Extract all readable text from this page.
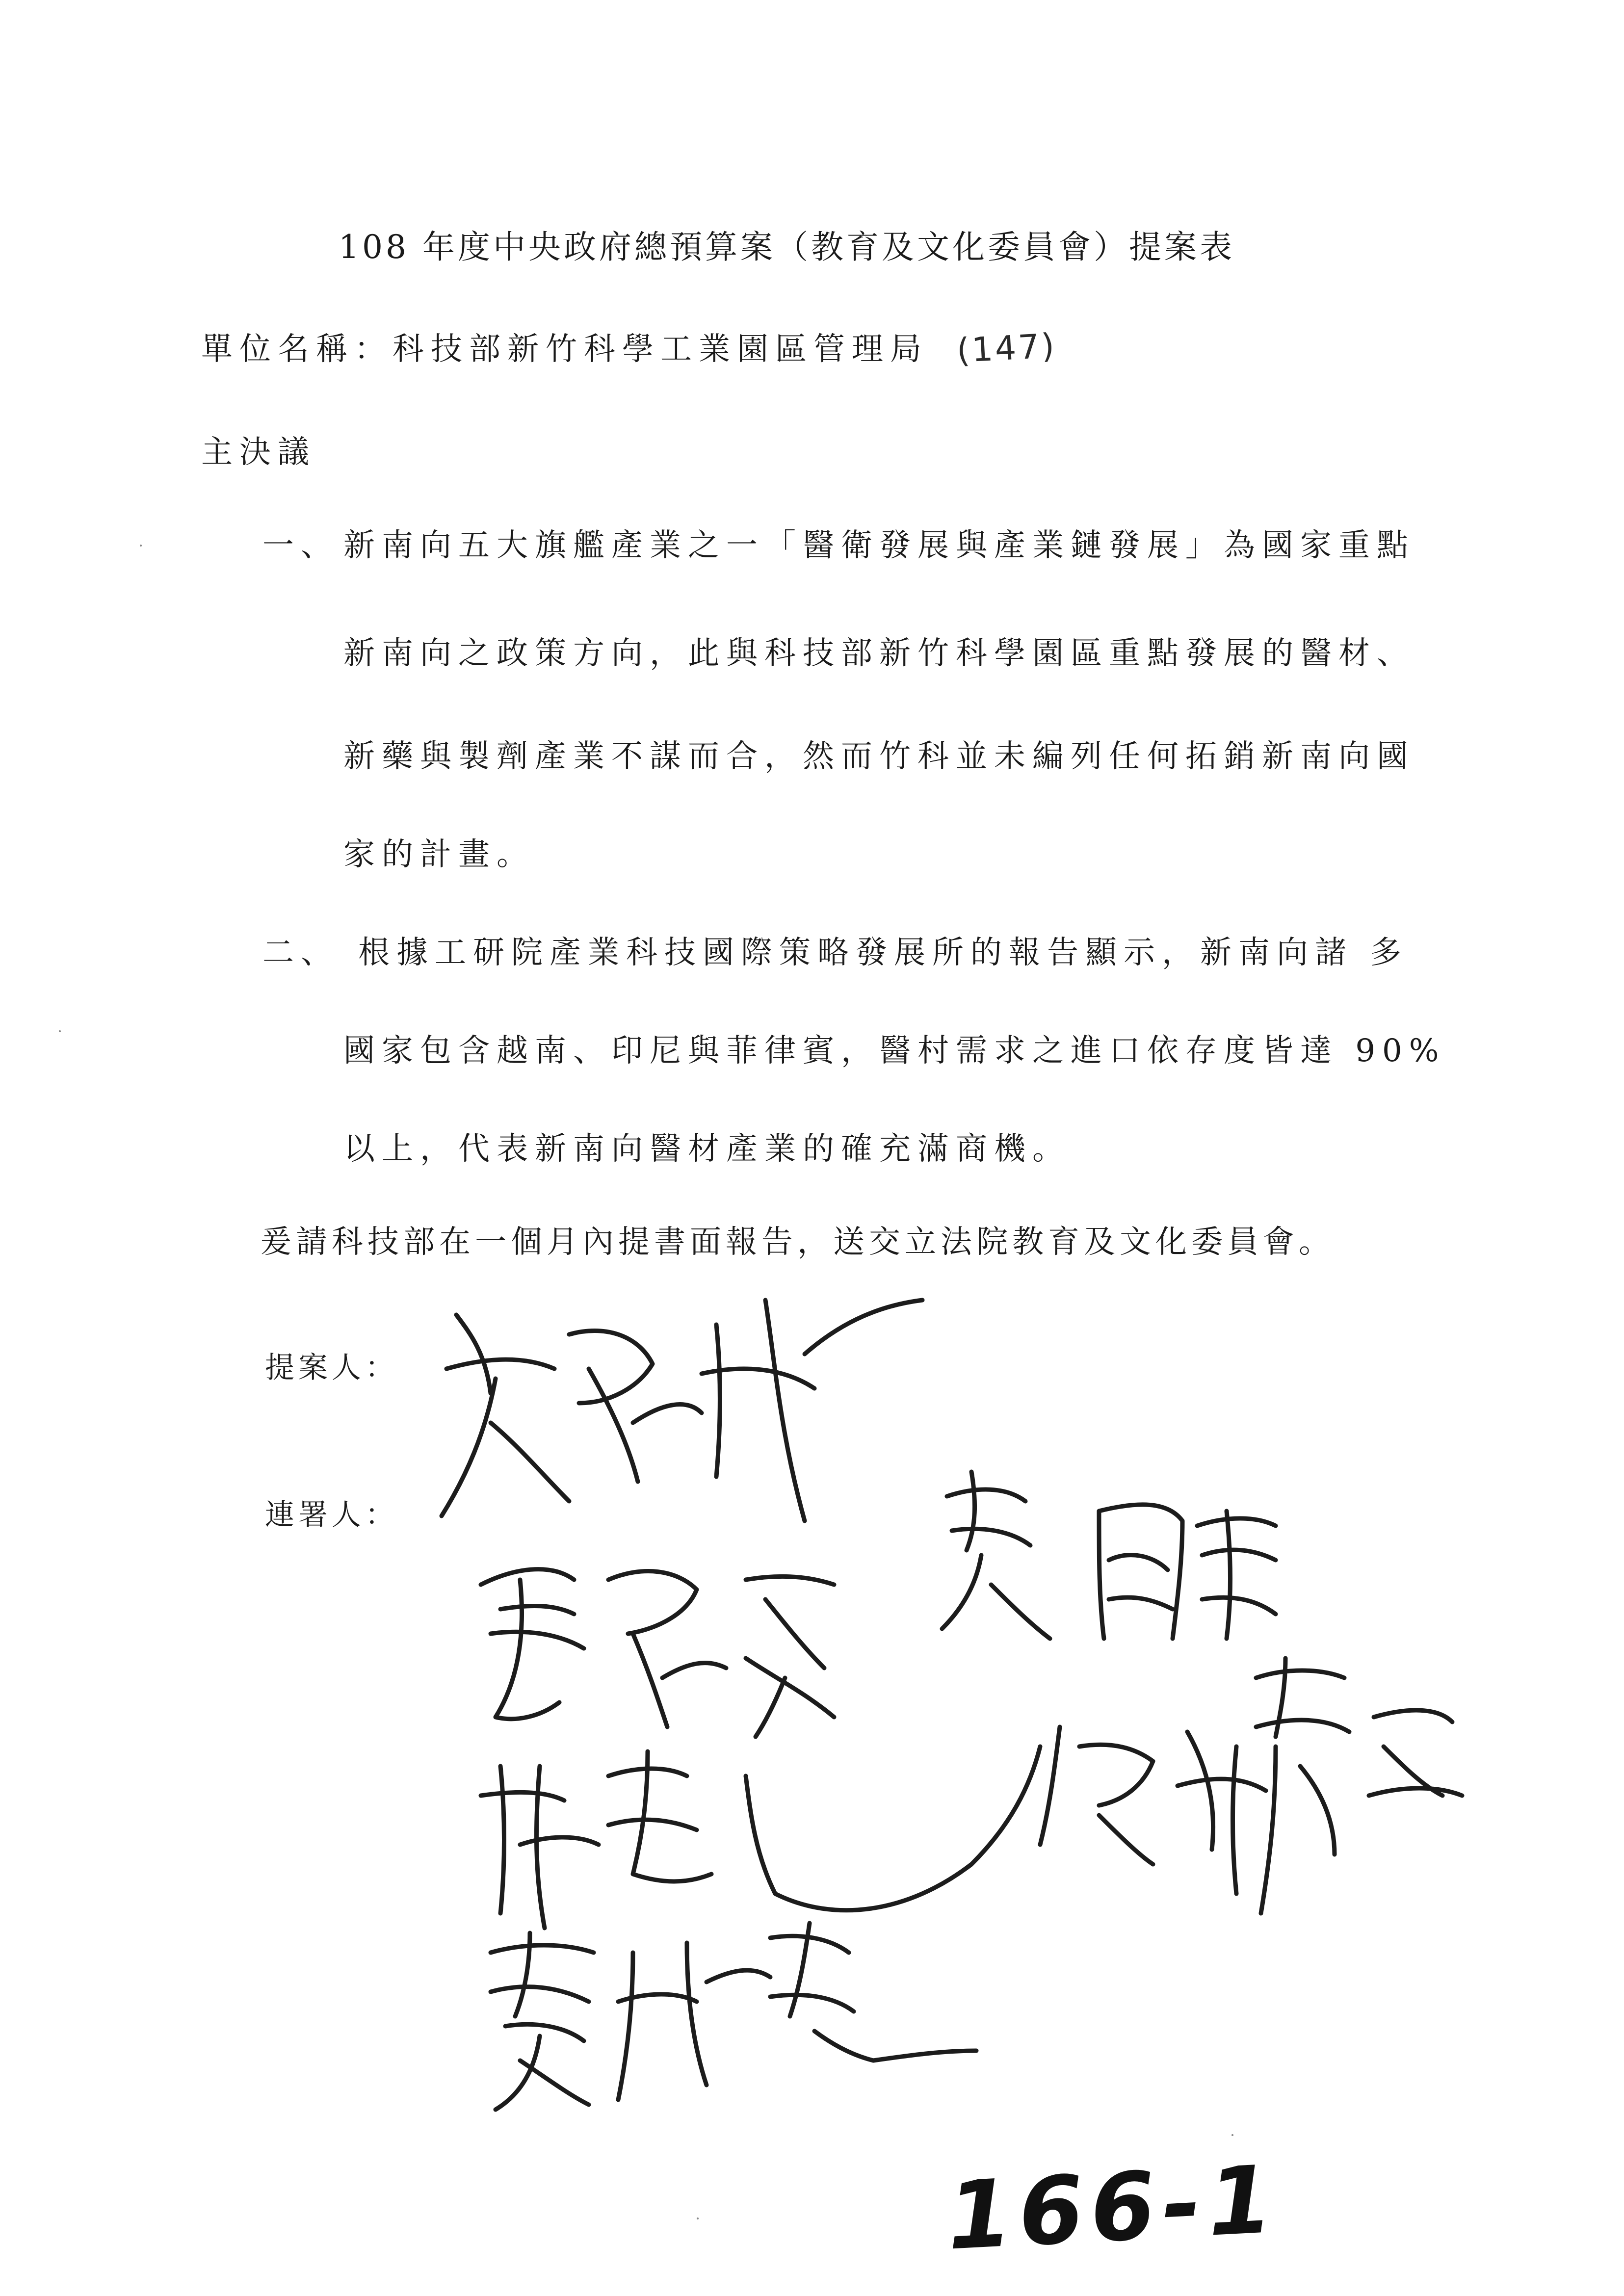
108 年度中央政府總預算案（教育及文化委員會）提案表
單位名稱：科技部新竹科學工業園區管理局 (147)
主決議
一、 新南向五大旗艦產業之一「醫衛發展與產業鏈發展」為國家重點
新南向之政策方向，此與科技部新竹科學園區重點發展的醫材、
新藥與製劑產業不謀而合，然而竹科並未編列任何拓銷新南向國
家的計畫。
二、 根據工研院產業科技國際策略發展所的報告顯示，新南向諸 多
國家包含越南、印尼與菲律賓，醫村需求之進口依存度皆達 90%
以上，代表新南向醫材產業的確充滿商機。
爰請科技部在一個月內提書面報告，送交立法院教育及文化委員會。
提案人：
連署人：
166-1
